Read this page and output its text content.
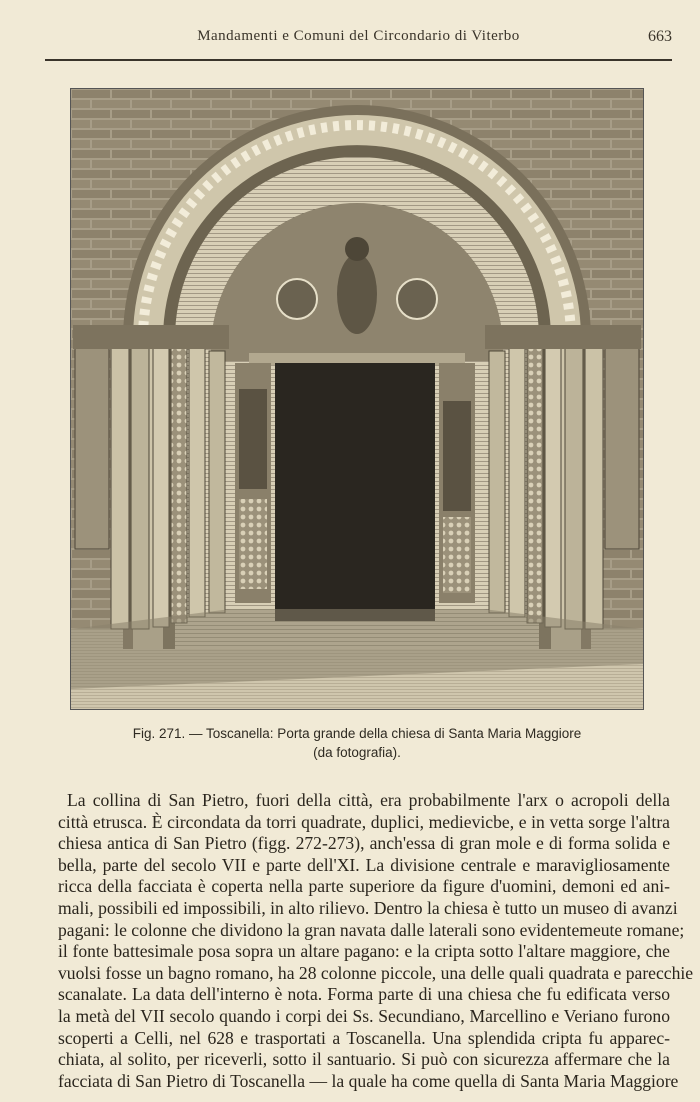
Mandamenti e Comuni del Circondario di Viterbo	663
Fig. 271. — Toscanella: Porta grande della chiesa di Santa Maria Maggiore
(da fotografia).
La collina di San Pietro, fuori della città, era probabilmente l'arx o acropoli della
città etrusca. È circondata da torri quadrate, duplici, medievicbe, e in vetta sorge l'altra
chiesa antica di San Pietro (figg. 272-273), anch'essa di gran mole e di forma solida e
bella, parte del secolo VII e parte dell'XI. La divisione centrale e maravigliosamente
ricca della facciata è coperta nella parte superiore da figure d'uomini, demoni ed ani-
mali, possibili ed impossibili, in alto rilievo. Dentro la chiesa è tutto un museo di avanzi
pagani: le colonne che dividono la gran navata dalle laterali sono evidentemeute romane;
il fonte battesimale posa sopra un altare pagano: e la cripta sotto l'altare maggiore, che
vuolsi fosse un bagno romano, ha 28 colonne piccole, una delle quali quadrata e parecchie
scanalate. La data dell'interno è nota. Forma parte di una chiesa che fu edificata verso
la metà del VII secolo quando i corpi dei Ss. Secundiano, Marcellino e Veriano furono
scoperti a Celli, nel 628 e trasportati a Toscanella. Una splendida cripta fu apparec-
chiata, al solito, per riceverli, sotto il santuario. Si può con sicurezza affermare che la
facciata di San Pietro di Toscanella — la quale ha come quella di Santa Maria Maggiore
